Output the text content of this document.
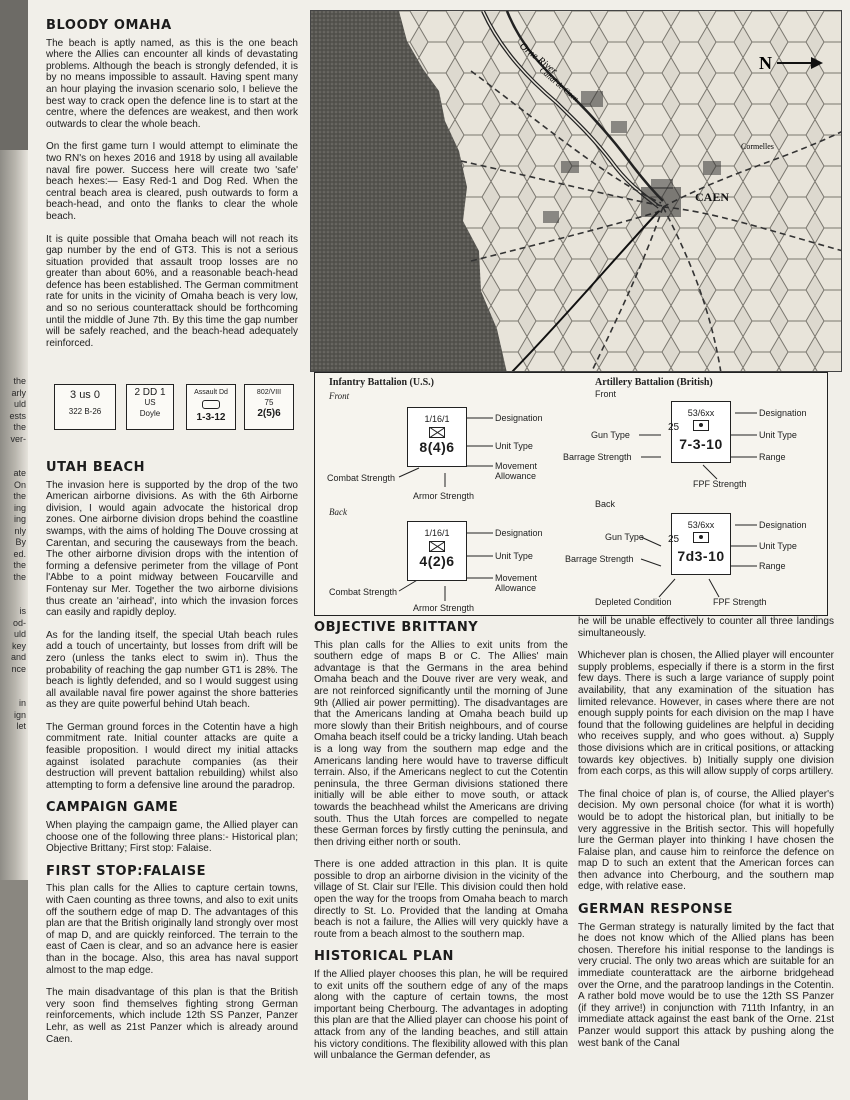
the
arly
uld
ests
the
ver-

ate
On
the
ing
ing
nly
By
ed.
the
the

is
od-
uld
key
and
nce

in
ign
let
BLOODY OMAHA

The beach is aptly named, as this is the one beach where the Allies can encounter all kinds of devastating problems. Although the beach is strongly defended, it is by no means impossible to assault. Having spent many an hour playing the invasion scenario solo, I believe the best way to crack open the defence line is to start at the centre, where the defences are weakest, and then work outwards to clear the whole beach.

On the first game turn I would attempt to eliminate the two RN's on hexes 2016 and 1918 by using all available naval fire power. Success here will create two 'safe' beach hexes:— Easy Red-1 and Dog Red. When the central beach area is cleared, push outwards to form a beach-head, and onto the flanks to clear the whole beach.

It is quite possible that Omaha beach will not reach its gap number by the end of GT3. This is not a serious situation provided that assault troop losses are no greater than about 60%, and a reasonable beach-head defence has been established. The German commitment rate for units in the vicinity of Omaha beach is very low, and so no serious counterattack should be forthcoming until the middle of June 7th. By this time the gap number will be safely reached, and the beach-head adequately reinforced.

3 us 0
322 B-26
2 DD 1
US
Doyle
Assault Dd
1-3-12
802/VIII
75
2(5)6
UTAH BEACH

The invasion here is supported by the drop of the two American airborne divisions. As with the 6th Airborne division, I would again advocate the historical drop zones. One airborne division drops behind the coastline swamps, with the aims of holding The Douve crossing at Carentan, and securing the causeways from the beach. The other airborne division drops with the intention of forming a defensive perimeter from the village of Pont l'Abbe to a point midway between Foucarville and Fontenay sur Mer. Together the two airborne divisions thus create an 'airhead', into which the invasion forces can easily and rapidly deploy.

As for the landing itself, the special Utah beach rules add a touch of uncertainty, but losses from drift will be zero (unless the tanks elect to swim in). Thus the probability of reaching the gap number GT1 is 28%. The beach is lightly defended, and so I would suggest using all available naval fire power against the shore batteries as they are quite powerful behind Utah beach.

The German ground forces in the Cotentin have a high commitment rate. Initial counter attacks are quite a feasible proposition. I would direct my initial attacks against isolated parachute companies (as their destruction will prevent battalion rebuilding) whilst also attempting to form a defensive line around the paradrop.

CAMPAIGN GAME

When playing the campaign game, the Allied player can choose one of the following three plans:- Historical plan; Objective Brittany; First stop: Falaise.

FIRST STOP:FALAISE

This plan calls for the Allies to capture certain towns, with Caen counting as three towns, and also to exit units off the southern edge of map D. The advantages of this plan are that the British originally land strongly over most of map D, and are quickly reinforced. The terrain to the east of Caen is clear, and so an advance here is easier than in the bocage. Also, this area has naval support almost to the map edge.

The main disadvantage of this plan is that the British very soon find themselves fighting strong German reinforcements, which include 12th SS Panzer, Panzer Lehr, as well as 21st Panzer which is already around Caen.

Orne River
Canal de Caen
CAEN
Cormelles
N
Infantry Battalion (U.S.)
Front
Back
Artillery Battalion (British)
Front
Back
1/16/1
8(4)6
Designation
Unit Type
Movement Allowance
Combat Strength
Armor Strength
1/16/1
4(2)6
Designation
Unit Type
Movement Allowance
Combat Strength
Armor Strength
53/6xx
25
7-3-10
Designation
Unit Type
Range
Gun Type
Barrage Strength
FPF Strength
53/6xx
25
7d3-10
Designation
Unit Type
Range
Gun Type
Barrage Strength
Depleted Condition	FPF Strength
OBJECTIVE BRITTANY

This plan calls for the Allies to exit units from the southern edge of maps B or C. The Allies' main advantage is that the Germans in the area behind Omaha beach and the Douve river are very weak, and are not reinforced significantly until the morning of June 9th (Allied air power permitting). The disadvantages are that the Americans landing at Omaha beach build up more slowly than their British neighbours, and of course Omaha beach itself could be a tricky landing. Utah beach is a long way from the southern map edge and the Americans landing here would have to traverse difficult terrain. Also, if the Americans neglect to cut the Cotentin peninsula, the three German divisions stationed there initially will be able either to move south, or attack towards the beachhead whilst the Americans are driving south. Thus the Utah forces are compelled to negate these German forces by firstly cutting the peninsula, and then driving either north or south.

There is one added attraction in this plan. It is quite possible to drop an airborne division in the vicinity of the village of St. Clair sur l'Elle. This division could then hold open the way for the troops from Omaha beach to march directly to St. Lo. Provided that the landing at Omaha beach is not a failure, the Allies will very quickly have a route from a beach almost to the southern map.

HISTORICAL PLAN

If the Allied player chooses this plan, he will be required to exit units off the southern edge of any of the maps along with the capture of certain towns, the most important being Cherbourg. The advantages in adopting this plan are that the Allied player can choose his point of attack from any of the landing beaches, and still attain his victory conditions. The flexibility allowed with this plan will unbalance the German defender, as

he will be unable effectively to counter all three landings simultaneously.

Whichever plan is chosen, the Allied player will encounter supply problems, especially if there is a storm in the first few days. There is such a large variance of supply point availability, that any examination of the situation has limited relevance. However, in cases where there are not enough supply points for each division on the map I have found that the following guidelines are helpful in deciding who receives supply, and who goes without. a) Supply those divisions which are in critical positions, or attacking towards key objectives. b) Initially supply one division from each corps, as this will allow supply of corps artillery.

The final choice of plan is, of course, the Allied player's decision. My own personal choice (for what it is worth) would be to adopt the historical plan, but initially to be very aggressive in the British sector. This will hopefully lure the German player into thinking I have chosen the Falaise plan, and cause him to reinforce the defence on map D to such an extent that the American forces can then advance into Cherbourg, and the southern map edge, with relative ease.

GERMAN RESPONSE

The German strategy is naturally limited by the fact that he does not know which of the Allied plans has been chosen. Therefore his initial response to the landings is very crucial. The only two areas which are suitable for an immediate counterattack are the airborne bridgehead over the Orne, and the paratroop landings in the Cotentin. A rather bold move would be to use the 12th SS Panzer (if they arrive!) in conjunction with 711th Infantry, in an immediate attack against the east bank of the Orne. 21st Panzer would support this attack by pushing along the west bank of the Canal
